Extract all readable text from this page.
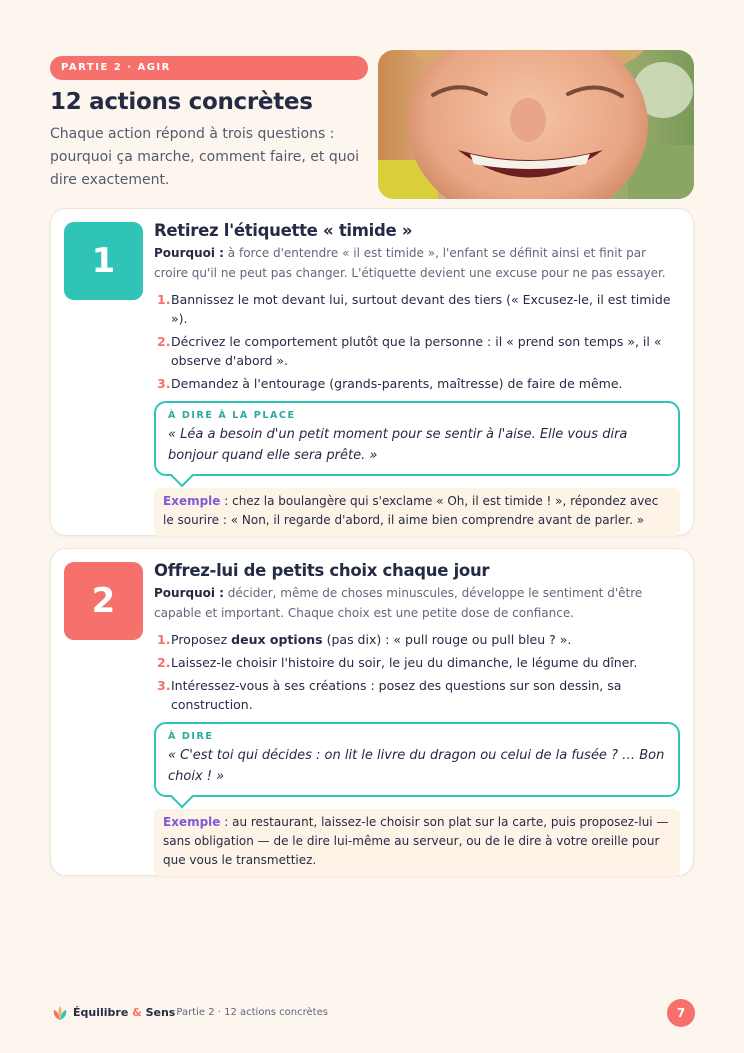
PARTIE 2 · AGIR
12 actions concrètes

Chaque action répond à trois questions : pourquoi ça marche, comment faire, et quoi dire exactement.

1
Retirez l'étiquette « timide »

Pourquoi : à force d'entendre « il est timide », l'enfant se définit ainsi et finit par croire qu'il ne peut pas changer. L'étiquette devient une excuse pour ne pas essayer.

1. Bannissez le mot devant lui, surtout devant des tiers (« Excusez-le, il est timide »).
2. Décrivez le comportement plutôt que la personne : il « prend son temps », il « observe d'abord ».
3. Demandez à l'entourage (grands-parents, maîtresse) de faire de même.
À DIRE À LA PLACE
« Léa a besoin d'un petit moment pour se sentir à l'aise. Elle vous dira bonjour quand elle sera prête. »
Exemple : chez la boulangère qui s'exclame « Oh, il est timide ! », répondez avec le sourire : « Non, il regarde d'abord, il aime bien comprendre avant de parler. »
2
Offrez-lui de petits choix chaque jour

Pourquoi : décider, même de choses minuscules, développe le sentiment d'être capable et important. Chaque choix est une petite dose de confiance.

1. Proposez deux options (pas dix) : « pull rouge ou pull bleu ? ».
2. Laissez-le choisir l'histoire du soir, le jeu du dimanche, le légume du dîner.
3. Intéressez-vous à ses créations : posez des questions sur son dessin, sa construction.
À DIRE
« C'est toi qui décides : on lit le livre du dragon ou celui de la fusée ? … Bon choix ! »
Exemple : au restaurant, laissez-le choisir son plat sur la carte, puis proposez-lui — sans obligation — de le dire lui-même au serveur, ou de le dire à votre oreille pour que vous le transmettiez.
Équilibre & Sens
· Partie 2 · 12 actions concrètes	7
